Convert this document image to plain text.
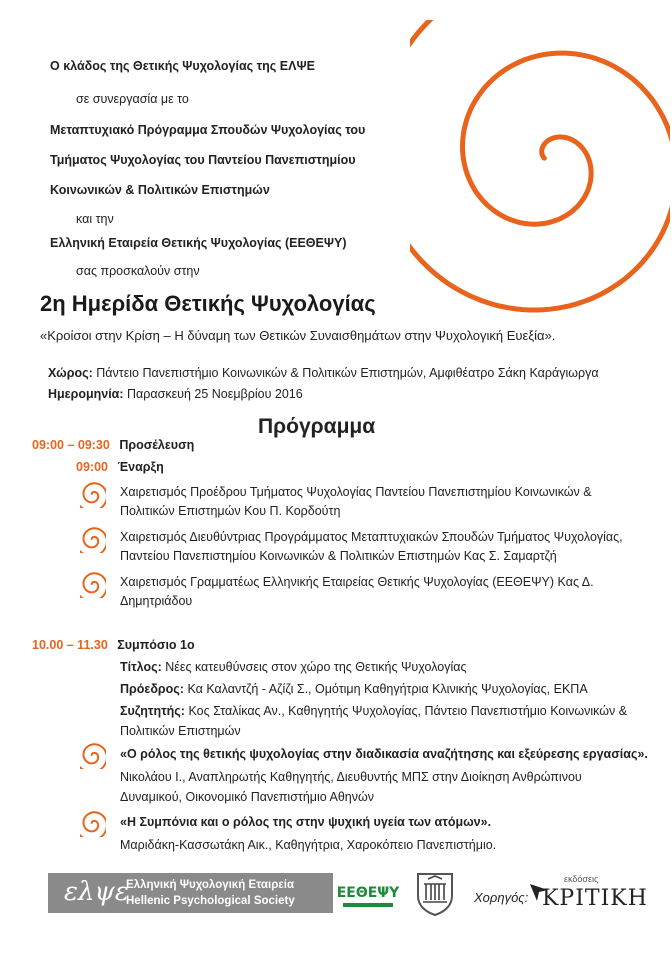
Ο κλάδος της Θετικής Ψυχολογίας της ΕΛΨΕ
σε συνεργασία με το
Μεταπτυχιακό Πρόγραμμα Σπουδών Ψυχολογίας του
Τμήματος Ψυχολογίας του Παντείου Πανεπιστημίου
Κοινωνικών & Πολιτικών Επιστημών
και την
Ελληνική Εταιρεία Θετικής Ψυχολογίας (ΕΕΘΕΨΥ)
σας προσκαλούν στην
2η Ημερίδα Θετικής Ψυχολογίας
«Κροίσοι στην Κρίση – Η δύναμη των Θετικών Συναισθημάτων στην Ψυχολογική Ευεξία».
Χώρος: Πάντειο Πανεπιστήμιο Κοινωνικών & Πολιτικών Επιστημών, Αμφιθέατρο Σάκη Καράγιωργα
Ημερομηνία: Παρασκευή 25 Νοεμβρίου 2016
Πρόγραμμα
09:00 – 09:30 Προσέλευση
09:00 Έναρξη
Χαιρετισμός Προέδρου Τμήματος Ψυχολογίας Παντείου Πανεπιστημίου Κοινωνικών &
Πολιτικών Επιστημών Κου Π. Κορδούτη
Χαιρετισμός Διευθύντριας Προγράμματος Μεταπτυχιακών Σπουδών Τμήματος Ψυχολογίας,
Παντείου Πανεπιστημίου Κοινωνικών & Πολιτικών Επιστημών Κας Σ. Σαμαρτζή
Χαιρετισμός Γραμματέως Ελληνικής Εταιρείας Θετικής Ψυχολογίας (ΕΕΘΕΨΥ) Κας Δ.
Δημητριάδου
10.00 – 11.30 Συμπόσιο 1ο
Τίτλος: Νέες κατευθύνσεις στον χώρο της Θετικής Ψυχολογίας
Πρόεδρος: Κα Καλαντζή - Αζίζι Σ., Ομότιμη Καθηγήτρια Κλινικής Ψυχολογίας, ΕΚΠΑ
Συζητητής: Κος Σταλίκας Αν., Καθηγητής Ψυχολογίας, Πάντειο Πανεπιστήμιο Κοινωνικών &
Πολιτικών Επιστημών
«Ο ρόλος της θετικής ψυχολογίας στην διαδικασία αναζήτησης και εξεύρεσης εργασίας».
Νικολάου Ι., Αναπληρωτής Καθηγητής, Διευθυντής ΜΠΣ στην Διοίκηση Ανθρώπινου
Δυναμικού, Οικονομικό Πανεπιστήμιο Αθηνών
«Η Συμπόνια και ο ρόλος της στην ψυχική υγεία των ατόμων».
Μαριδάκη-Κασσωτάκη Αικ., Καθηγήτρια, Χαροκόπειο Πανεπιστήμιο.
ελψε
Ελληνική Ψυχολογική Εταιρεία
Hellenic Psychological Society	ΕΕΘΕΨΥ	Χορηγός:
εκδόσεις
ΚΡΙΤΙΚΗ
